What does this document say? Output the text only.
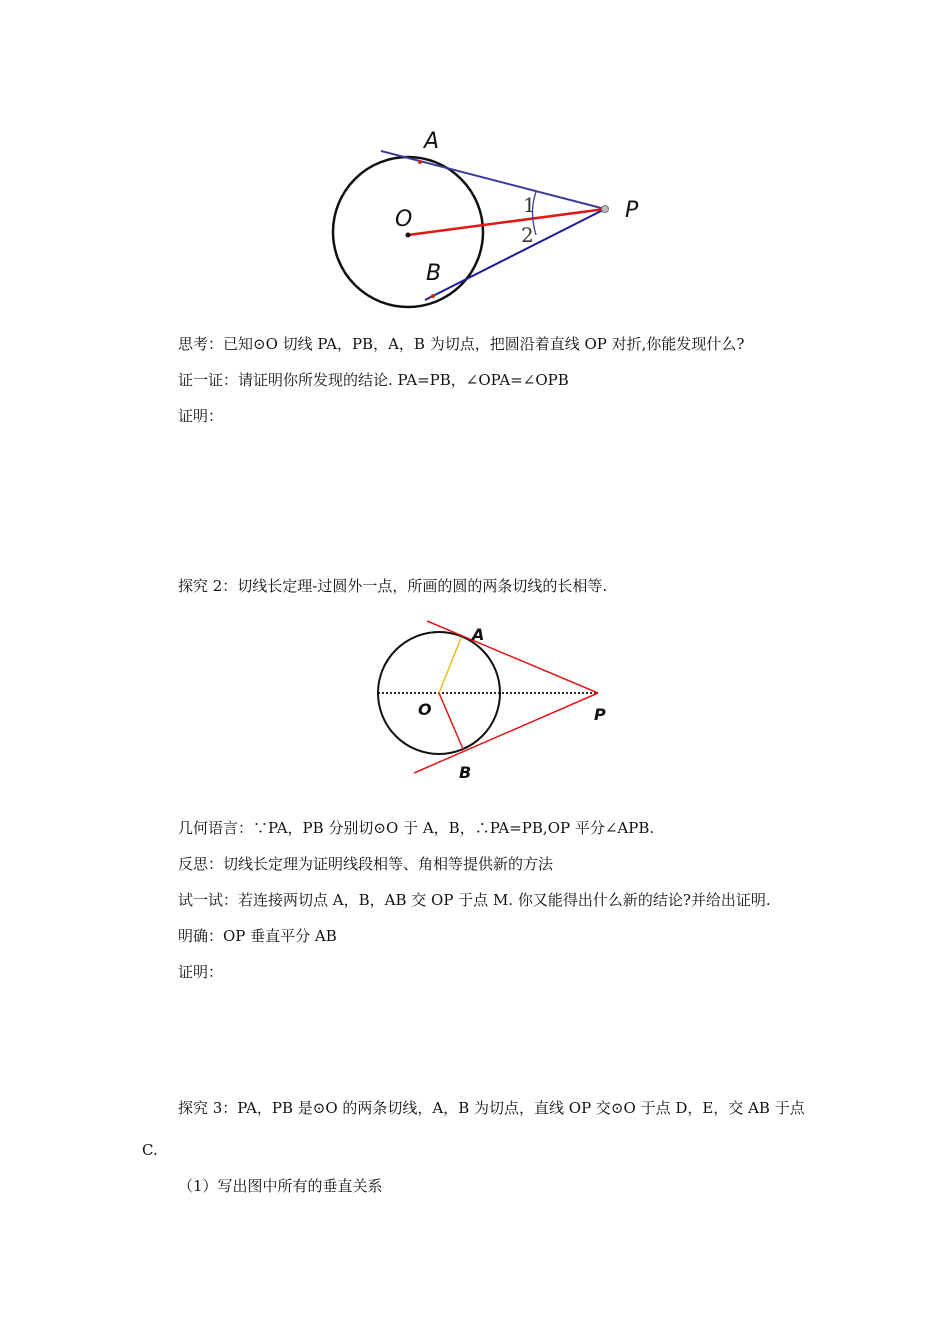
A
O
B
P
1
2
思考：已知⊙O 切线 PA，PB，A，B 为切点，把圆沿着直线 OP 对折,你能发现什么?
证一证：请证明你所发现的结论. PA=PB，∠OPA=∠OPB
证明：
探究 2：切线长定理-过圆外一点，所画的圆的两条切线的长相等.
A
O
B
P
几何语言：∵PA，PB 分别切⊙O 于 A，B，∴PA=PB,OP 平分∠APB.
反思：切线长定理为证明线段相等、角相等提供新的方法
试一试：若连接两切点 A，B，AB 交 OP 于点 M. 你又能得出什么新的结论?并给出证明.
明确：OP 垂直平分 AB
证明：
探究 3：PA，PB 是⊙O 的两条切线，A，B 为切点，直线 OP 交⊙O 于点 D，E，交 AB 于点
C.
（1）写出图中所有的垂直关系
